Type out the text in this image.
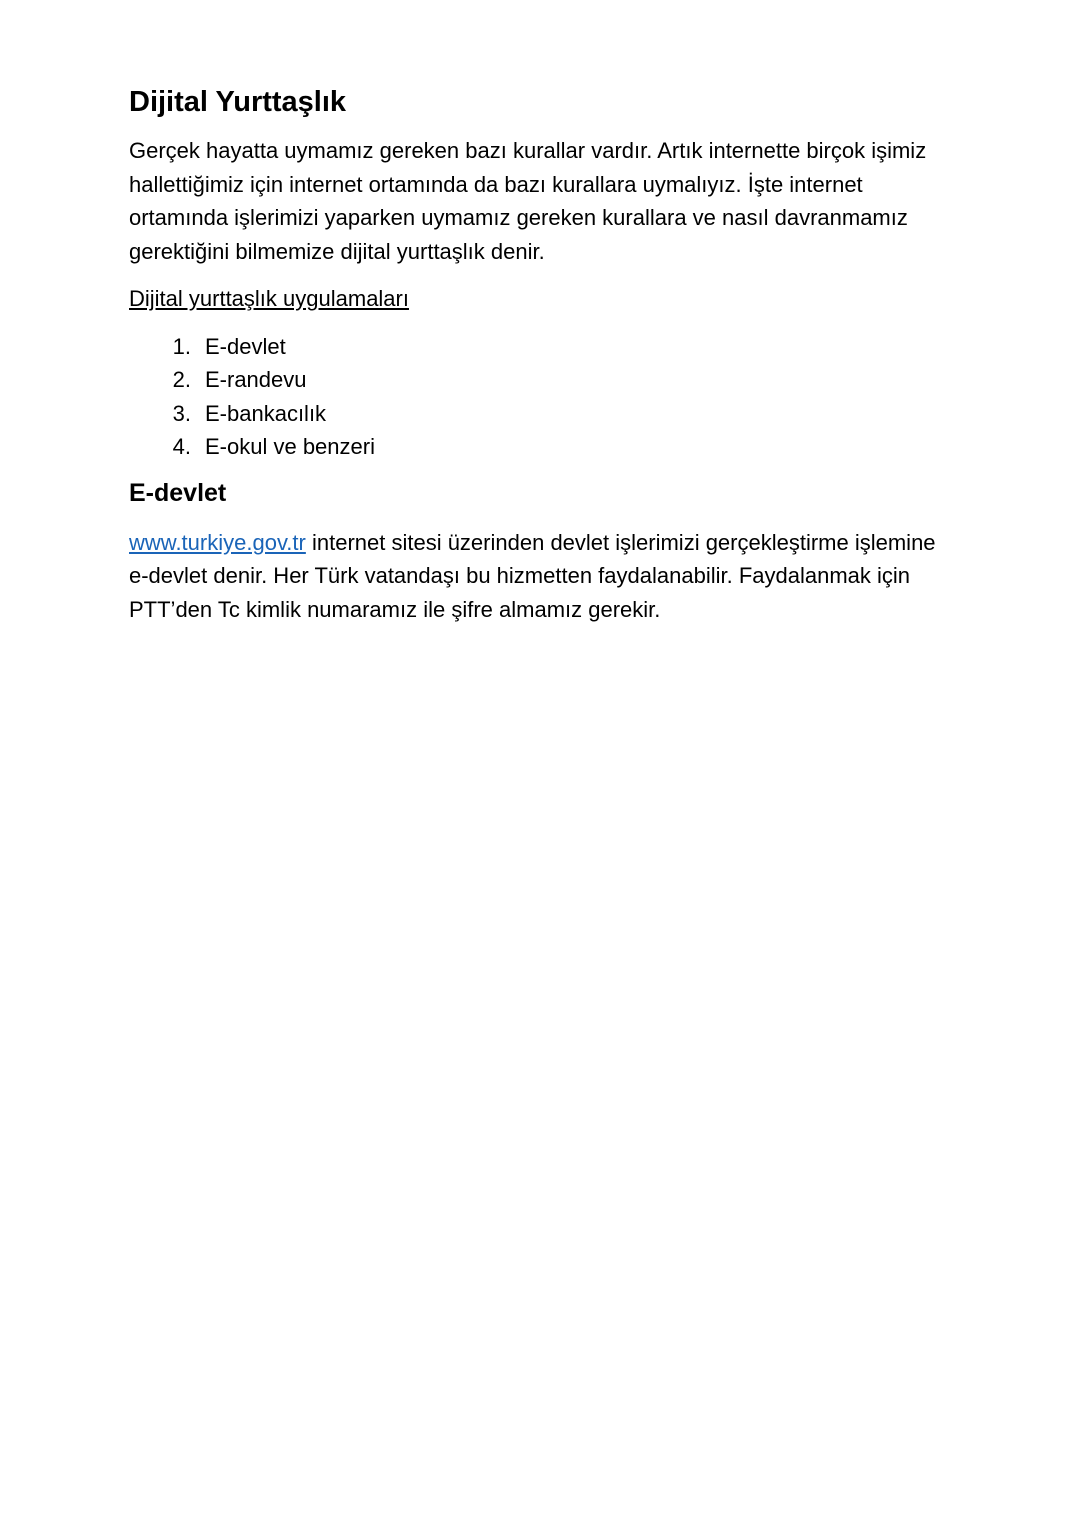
Dijital Yurttaşlık

Gerçek hayatta uymamız gereken bazı kurallar vardır. Artık internette birçok işimiz hallettiğimiz için internet ortamında da bazı kurallara uymalıyız. İşte internet ortamında işlerimizi yaparken uymamız gereken kurallara ve nasıl davranmamız gerektiğini bilmemize dijital yurttaşlık denir.

Dijital yurttaşlık uygulamaları
1. E-devlet
2. E-randevu
3. E-bankacılık
4. E-okul ve benzeri
E-devlet

www.turkiye.gov.tr internet sitesi üzerinden devlet işlerimizi gerçekleştirme işlemine e-devlet denir. Her Türk vatandaşı bu hizmetten faydalanabilir. Faydalanmak için PTT’den Tc kimlik numaramız ile şifre almamız gerekir.
